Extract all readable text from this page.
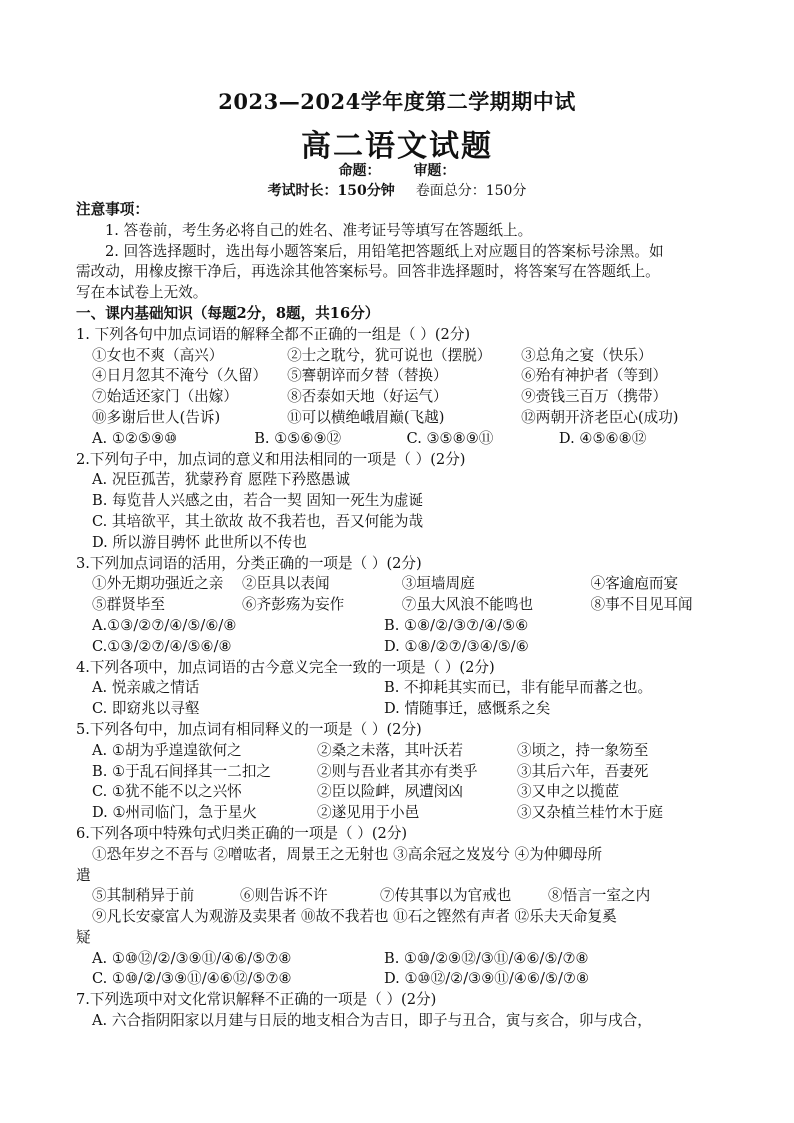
2023—2024学年度第二学期期中试
高二语文试题
命题： 审题：
考试时长：150分钟 卷面总分：150分
注意事项：
1. 答卷前，考生务必将自己的姓名、准考证号等填写在答题纸上。
2. 回答选择题时，选出每小题答案后，用铅笔把答题纸上对应题目的答案标号涂黑。如
需改动，用橡皮擦干净后，再选涂其他答案标号。回答非选择题时，将答案写在答题纸上。
写在本试卷上无效。
一、课内基础知识（每题2分，8题，共16分）
1. 下列各句中加点词语的解释全都不正确的一组是（ ）(2分)
①女也不爽（高兴）	②士之耽兮，犹可说也（摆脱）	③总角之宴（快乐）
④日月忽其不淹兮（久留）	⑤謇朝谇而夕替（替换）	⑥殆有神护者（等到）
⑦始适还家门（出嫁）	⑧否泰如天地（好运气）	⑨赍钱三百万（携带）
⑩多谢后世人(告诉)	⑪可以横绝峨眉巅(飞越)	⑫两朝开济老臣心(成功)
A. ①②⑤⑨⑩	B. ①⑤⑥⑨⑫	C. ③⑤⑧⑨⑪	D. ④⑤⑥⑧⑫
2.下列句子中，加点词的意义和用法相同的一项是（ ）(2分)
A. 况臣孤苦，犹蒙矜育 愿陛下矜愍愚诚
B. 每览昔人兴感之由，若合一契 固知一死生为虚诞
C. 其培欲平，其土欲故 故不我若也，吾又何能为哉
D. 所以游目骋怀 此世所以不传也
3.下列加点词语的活用，分类正确的一项是（ ）(2分)
①外无期功强近之亲	②臣具以表闻	③垣墙周庭	④客逾庖而宴
⑤群贤毕至	⑥齐彭殇为妄作	⑦虽大风浪不能鸣也	⑧事不目见耳闻
A.①③/②⑦/④/⑤/⑥/⑧	B. ①⑧/②/③⑦/④/⑤⑥
C.①③/②⑦/④/⑤⑥/⑧	D. ①⑧/②⑦/③④/⑤/⑥
4.下列各项中，加点词语的古今意义完全一致的一项是（ ）(2分)
A. 悦亲戚之情话	B. 不抑耗其实而已，非有能早而蕃之也。
C. 即窈兆以寻壑	D. 情随事迁，感慨系之矣
5.下列各句中，加点词有相同释义的一项是（ ）(2分)
A. ①胡为乎遑遑欲何之	②桑之未落，其叶沃若	③顷之，持一象笏至
B. ①于乱石间择其一二扣之	②则与吾业者其亦有类乎	③其后六年，吾妻死
C. ①犹不能不以之兴怀	②臣以险衅，夙遭闵凶	③又申之以揽茝
D. ①州司临门，急于星火	②遂见用于小邑	③又杂植兰桂竹木于庭
6.下列各项中特殊句式归类正确的一项是（ ）(2分)
①恐年岁之不吾与 ②噌吰者，周景王之无射也 ③高余冠之岌岌兮 ④为仲卿母所
遣
⑤其制稍异于前	⑥则告诉不许	⑦传其事以为官戒也	⑧悟言一室之内
⑨凡长安豪富人为观游及卖果者 ⑩故不我若也 ⑪石之铿然有声者 ⑫乐夫天命复奚
疑
A. ①⑩⑫/②/③⑨⑪/④⑥/⑤⑦⑧	B. ①⑩/②⑨⑫/③⑪/④⑥/⑤/⑦⑧
C. ①⑩/②/③⑨⑪/④⑥⑫/⑤⑦⑧	D. ①⑩⑫/②/③⑨⑪/④⑥/⑤/⑦⑧
7.下列选项中对文化常识解释不正确的一项是（ ）(2分)
A. 六合指阴阳家以月建与日辰的地支相合为吉日，即子与丑合，寅与亥合，卯与戌合，
